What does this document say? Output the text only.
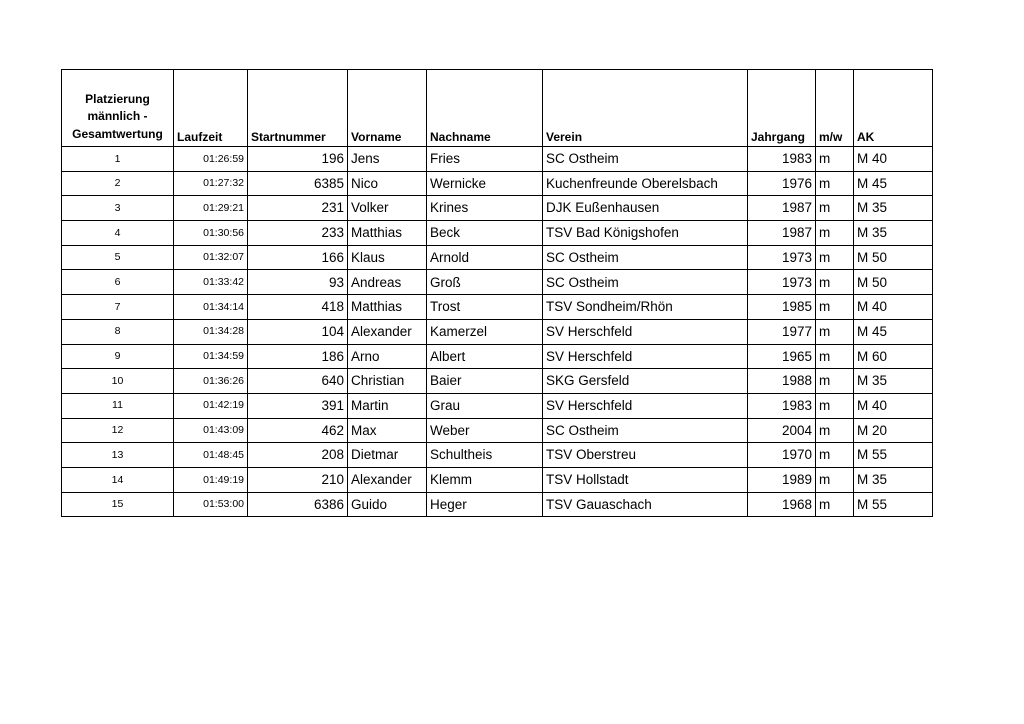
Platzierung männlich - Gesamtwertung	Laufzeit	Startnummer	Vorname	Nachname	Verein	Jahrgang	m/w	AK
1	01:26:59	196	Jens	Fries	SC Ostheim	1983	m	M 40
2	01:27:32	6385	Nico	Wernicke	Kuchenfreunde Oberelsbach	1976	m	M 45
3	01:29:21	231	Volker	Krines	DJK Eußenhausen	1987	m	M 35
4	01:30:56	233	Matthias	Beck	TSV Bad Königshofen	1987	m	M 35
5	01:32:07	166	Klaus	Arnold	SC Ostheim	1973	m	M 50
6	01:33:42	93	Andreas	Groß	SC Ostheim	1973	m	M 50
7	01:34:14	418	Matthias	Trost	TSV Sondheim/Rhön	1985	m	M 40
8	01:34:28	104	Alexander	Kamerzel	SV Herschfeld	1977	m	M 45
9	01:34:59	186	Arno	Albert	SV Herschfeld	1965	m	M 60
10	01:36:26	640	Christian	Baier	SKG Gersfeld	1988	m	M 35
11	01:42:19	391	Martin	Grau	SV Herschfeld	1983	m	M 40
12	01:43:09	462	Max	Weber	SC Ostheim	2004	m	M 20
13	01:48:45	208	Dietmar	Schultheis	TSV Oberstreu	1970	m	M 55
14	01:49:19	210	Alexander	Klemm	TSV Hollstadt	1989	m	M 35
15	01:53:00	6386	Guido	Heger	TSV Gauaschach	1968	m	M 55
